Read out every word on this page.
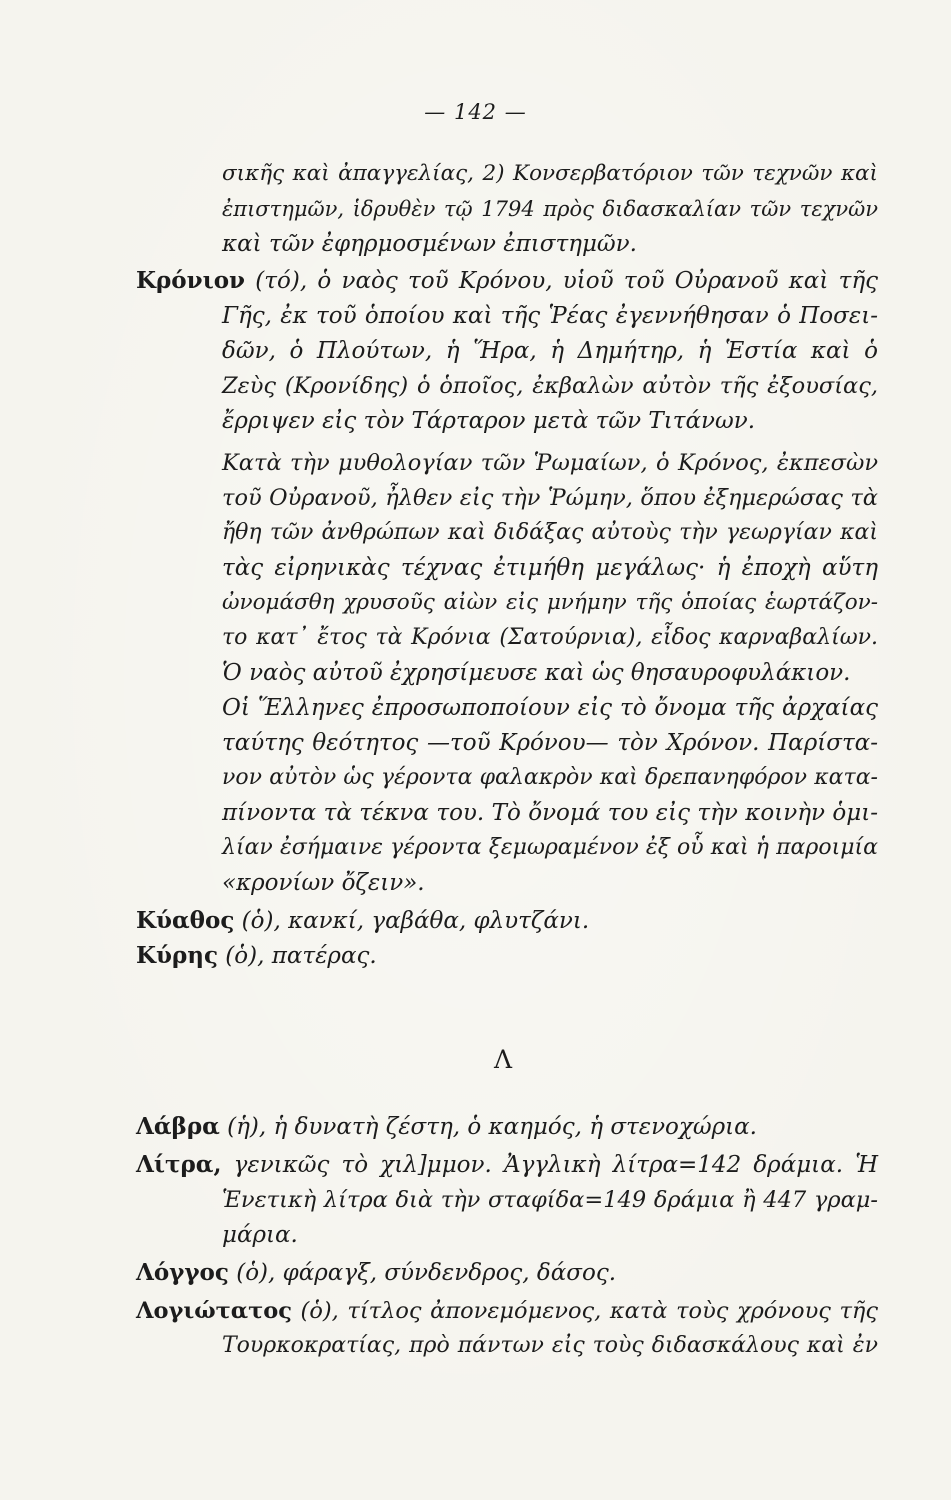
— 142 —
σικῆς καὶ ἀπαγγελίας, 2) Κονσερβατόριον τῶν τεχνῶν καὶ
ἐπιστημῶν, ἱδρυθὲν τῷ 1794 πρὸς διδασκαλίαν τῶν τεχνῶν
καὶ τῶν ἐφηρμοσμένων ἐπιστημῶν.
Κρόνιον (τό), ὁ ναὸς τοῦ Κρόνου, υἱοῦ τοῦ Οὐρανοῦ καὶ τῆς
Γῆς, ἐκ τοῦ ὁποίου καὶ τῆς Ῥέας ἐγεννήθησαν ὁ Ποσει-
δῶν, ὁ Πλούτων, ἡ Ἥρα, ἡ Δημήτηρ, ἡ Ἑστία καὶ ὁ
Ζεὺς (Κρονίδης) ὁ ὁποῖος, ἐκβαλὼν αὐτὸν τῆς ἐξουσίας,
ἔρριψεν εἰς τὸν Τάρταρον μετὰ τῶν Τιτάνων.
Κατὰ τὴν μυθολογίαν τῶν Ῥωμαίων, ὁ Κρόνος, ἐκπεσὼν
τοῦ Οὐρανοῦ, ἦλθεν εἰς τὴν Ῥώμην, ὅπου ἐξημερώσας τὰ
ἤθη τῶν ἀνθρώπων καὶ διδάξας αὐτοὺς τὴν γεωργίαν καὶ
τὰς εἰρηνικὰς τέχνας ἐτιμήθη μεγάλως· ἡ ἐποχὴ αὕτη
ὠνομάσθη χρυσοῦς αἰὼν εἰς μνήμην τῆς ὁποίας ἑωρτάζον-
το κατ᾽ ἔτος τὰ Κρόνια (Σατούρνια), εἶδος καρναβαλίων.
Ὁ ναὸς αὐτοῦ ἐχρησίμευσε καὶ ὡς θησαυροφυλάκιον.
Οἱ Ἕλληνες ἐπροσωποποίουν εἰς τὸ ὄνομα τῆς ἀρχαίας
ταύτης θεότητος —τοῦ Κρόνου— τὸν Χρόνον. Παρίστα-
νον αὐτὸν ὡς γέροντα φαλακρὸν καὶ δρεπανηφόρον κατα-
πίνοντα τὰ τέκνα του. Τὸ ὄνομά του εἰς τὴν κοινὴν ὁμι-
λίαν ἐσήμαινε γέροντα ξεμωραμένον ἐξ οὗ καὶ ἡ παροιμία
«κρονίων ὄζειν».
Κύαθος (ὁ), κανκί, γαβάθα, φλυτζάνι.
Κύρης (ὁ), πατέρας.
Λ
Λάβρα (ἡ), ἡ δυνατὴ ζέστη, ὁ καημός, ἡ στενοχώρια.
Λίτρα, γενικῶς τὸ χιλ]μμον. Ἀγγλικὴ λίτρα=142 δράμια. Ἡ
Ἑνετικὴ λίτρα διὰ τὴν σταφίδα=149 δράμια ἢ 447 γραμ-
μάρια.
Λόγγος (ὁ), φάραγξ, σύνδενδρος, δάσος.
Λογιώτατος (ὁ), τίτλος ἀπονεμόμενος, κατὰ τοὺς χρόνους τῆς
Τουρκοκρατίας, πρὸ πάντων εἰς τοὺς διδασκάλους καὶ ἐν
